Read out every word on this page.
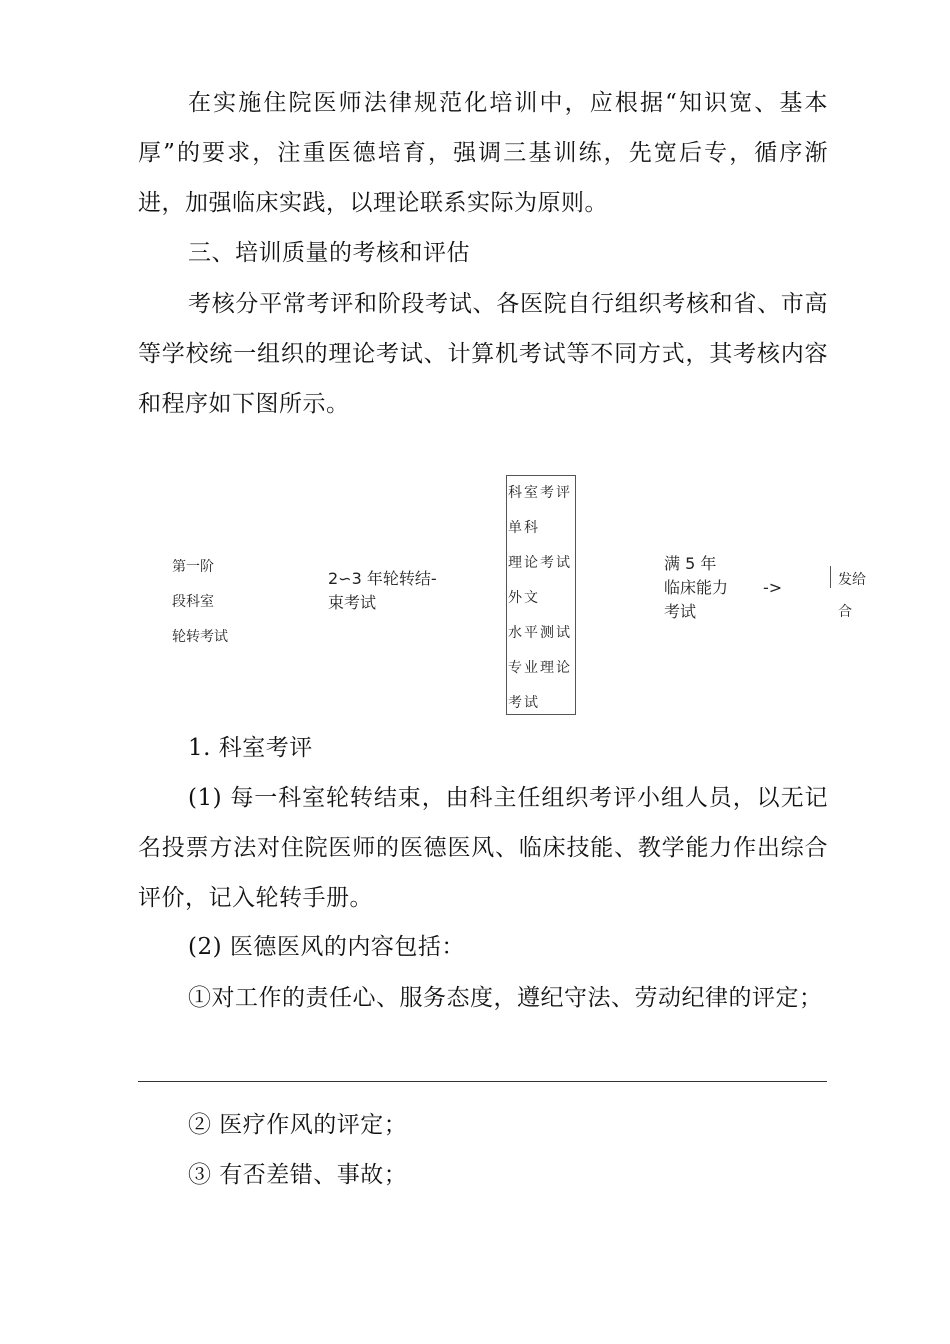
在实施住院医师法律规范化培训中，应根据“知识宽、基本厚”的要求，注重医德培育，强调三基训练，先宽后专，循序渐进，加强临床实践，以理论联系实际为原则。

三、培训质量的考核和评估

考核分平常考评和阶段考试、各医院自行组织考核和省、市高等学校统一组织的理论考试、计算机考试等不同方式，其考核内容和程序如下图所示。

第一阶
段科室
轮转考试
2∽3 年轮转结-
束考试
科室考评
单科
理论考试
外文
水平测试
专业理论
考试
满 5 年
临床能力
考试
->	发给
合

1. 科室考评

(1) 每一科室轮转结束，由科主任组织考评小组人员，以无记名投票方法对住院医师的医德医风、临床技能、教学能力作出综合评价，记入轮转手册。

(2) 医德医风的内容包括：

①对工作的责任心、服务态度，遵纪守法、劳动纪律的评定；

② 医疗作风的评定；

③ 有否差错、事故；
